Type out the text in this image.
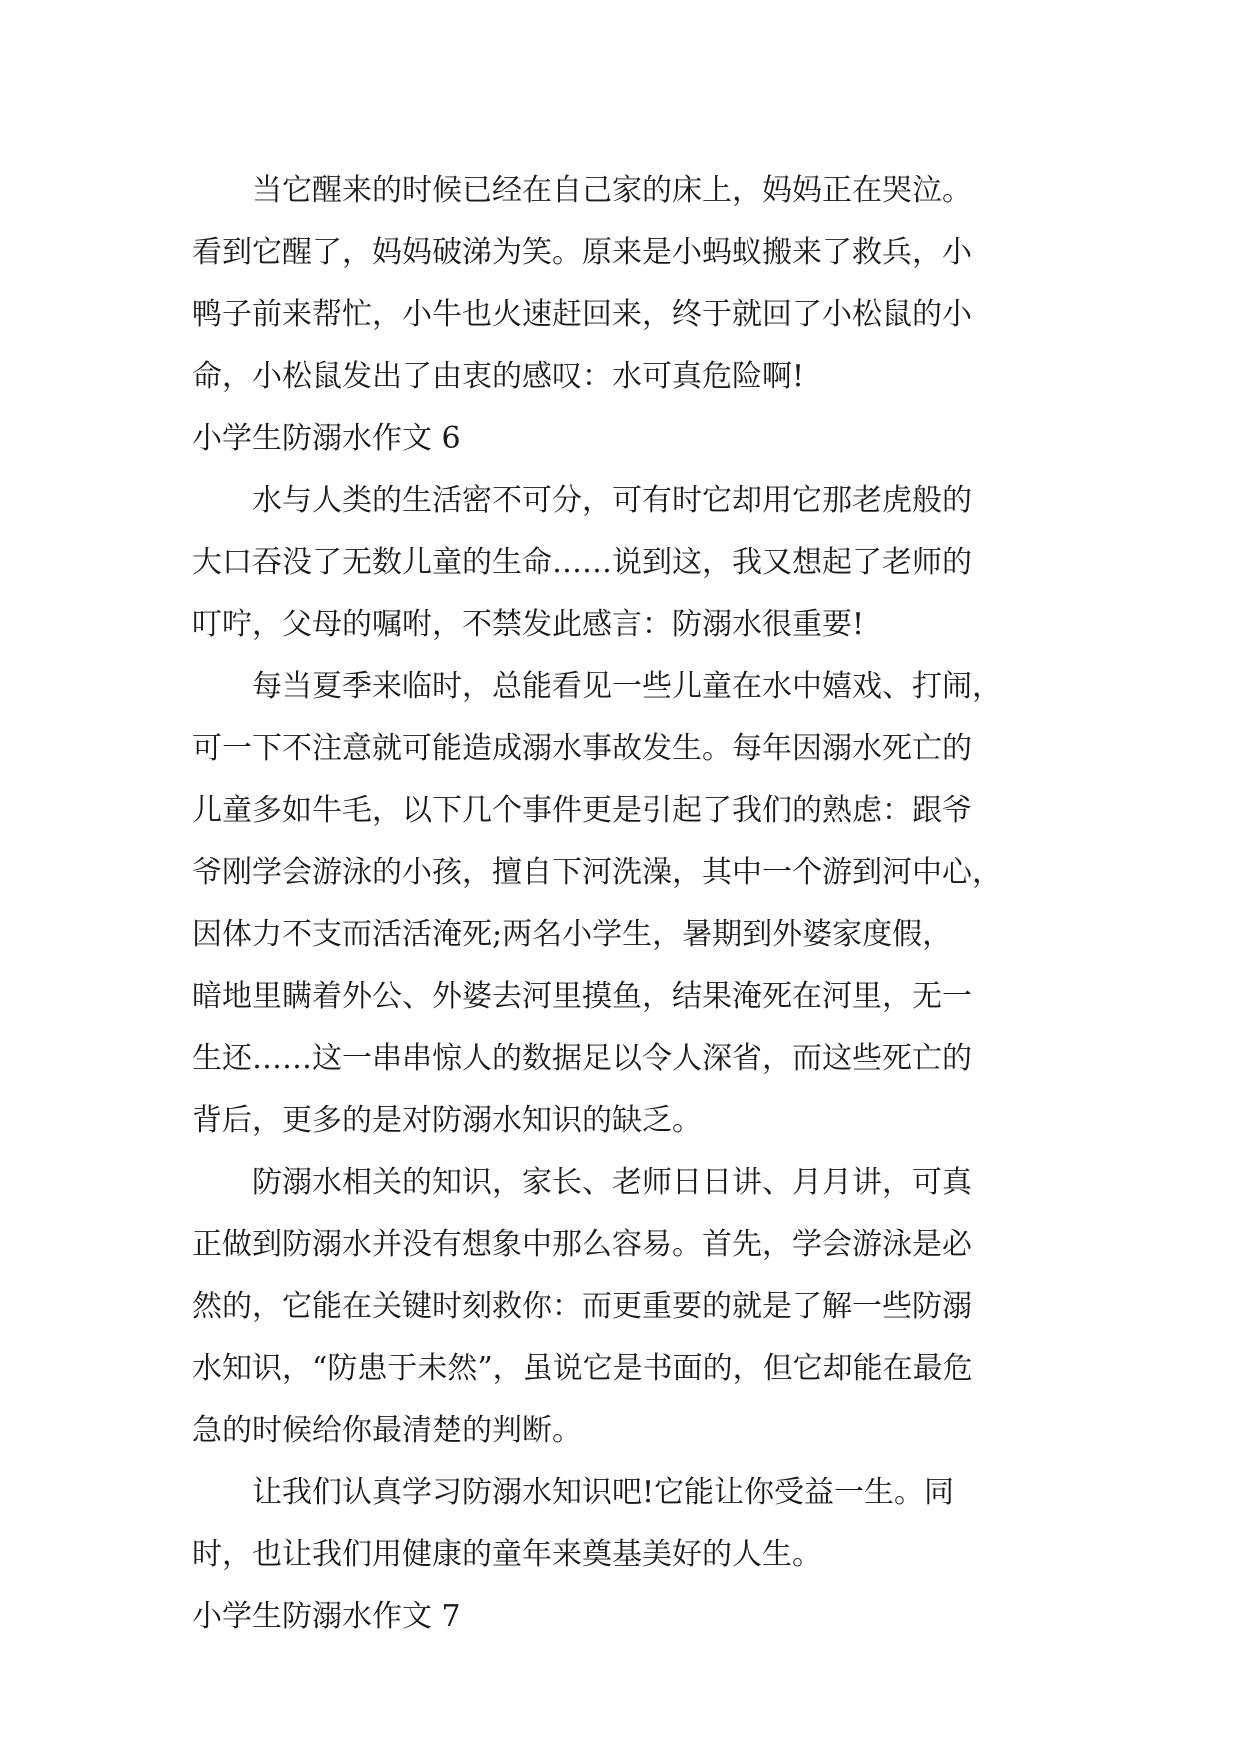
当它醒来的时候已经在自己家的床上，妈妈正在哭泣。
看到它醒了，妈妈破涕为笑。原来是小蚂蚁搬来了救兵，小
鸭子前来帮忙，小牛也火速赶回来，终于就回了小松鼠的小
命，小松鼠发出了由衷的感叹：水可真危险啊!
小学生防溺水作文 6
水与人类的生活密不可分，可有时它却用它那老虎般的
大口吞没了无数儿童的生命……说到这，我又想起了老师的
叮咛，父母的嘱咐，不禁发此感言：防溺水很重要!
每当夏季来临时，总能看见一些儿童在水中嬉戏、打闹，
可一下不注意就可能造成溺水事故发生。每年因溺水死亡的
儿童多如牛毛，以下几个事件更是引起了我们的熟虑：跟爷
爷刚学会游泳的小孩，擅自下河洗澡，其中一个游到河中心，
因体力不支而活活淹死;两名小学生，暑期到外婆家度假，
暗地里瞒着外公、外婆去河里摸鱼，结果淹死在河里，无一
生还……这一串串惊人的数据足以令人深省，而这些死亡的
背后，更多的是对防溺水知识的缺乏。
防溺水相关的知识，家长、老师日日讲、月月讲，可真
正做到防溺水并没有想象中那么容易。首先，学会游泳是必
然的，它能在关键时刻救你：而更重要的就是了解一些防溺
水知识，“防患于未然”，虽说它是书面的，但它却能在最危
急的时候给你最清楚的判断。
让我们认真学习防溺水知识吧!它能让你受益一生。同
时，也让我们用健康的童年来奠基美好的人生。
小学生防溺水作文 7
